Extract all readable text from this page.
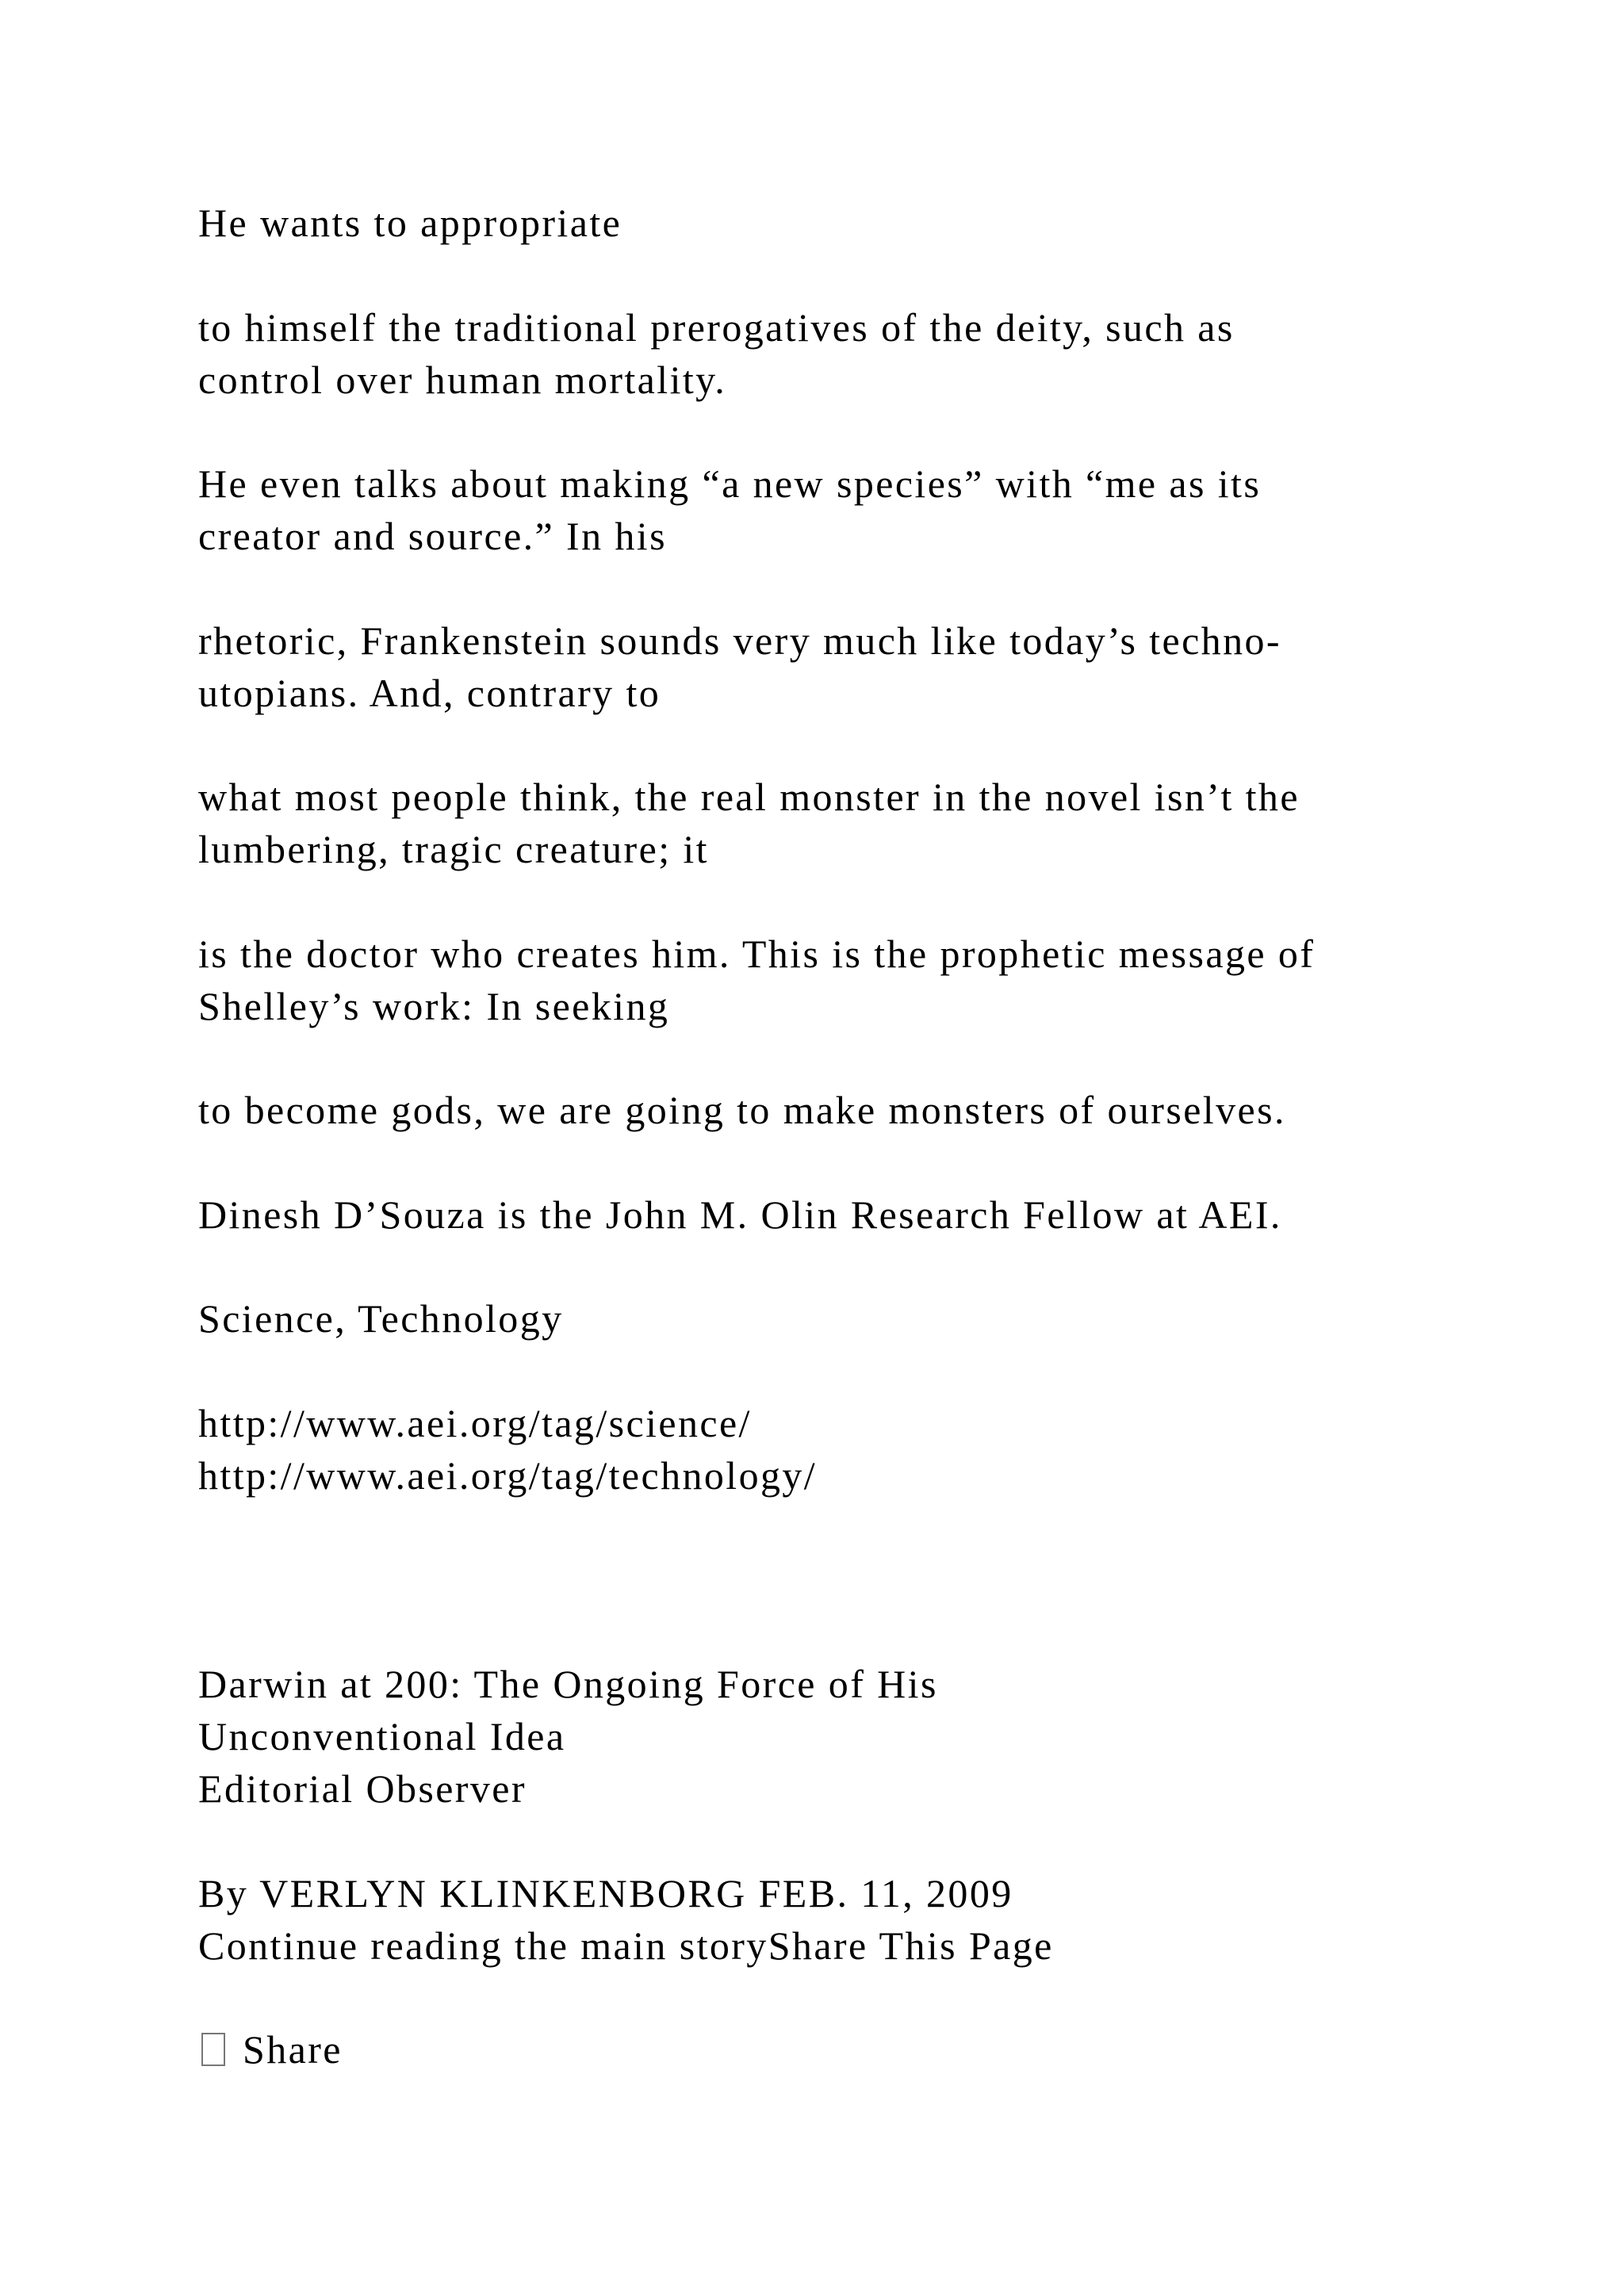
He wants to appropriate

to himself the traditional prerogatives of the deity, such as

control over human mortality.

He even talks about making “a new species” with “me as its

creator and source.” In his

rhetoric, Frankenstein sounds very much like today’s techno-

utopians. And, contrary to

what most people think, the real monster in the novel isn’t the

lumbering, tragic creature; it

is the doctor who creates him. This is the prophetic message of

Shelley’s work: In seeking

to become gods, we are going to make monsters of ourselves.

Dinesh D’Souza is the John M. Olin Research Fellow at AEI.

Science, Technology

http://www.aei.org/tag/science/

http://www.aei.org/tag/technology/

Darwin at 200: The Ongoing Force of His

Unconventional Idea

Editorial Observer

By VERLYN KLINKENBORG FEB. 11, 2009

Continue reading the main storyShare This Page

Share
